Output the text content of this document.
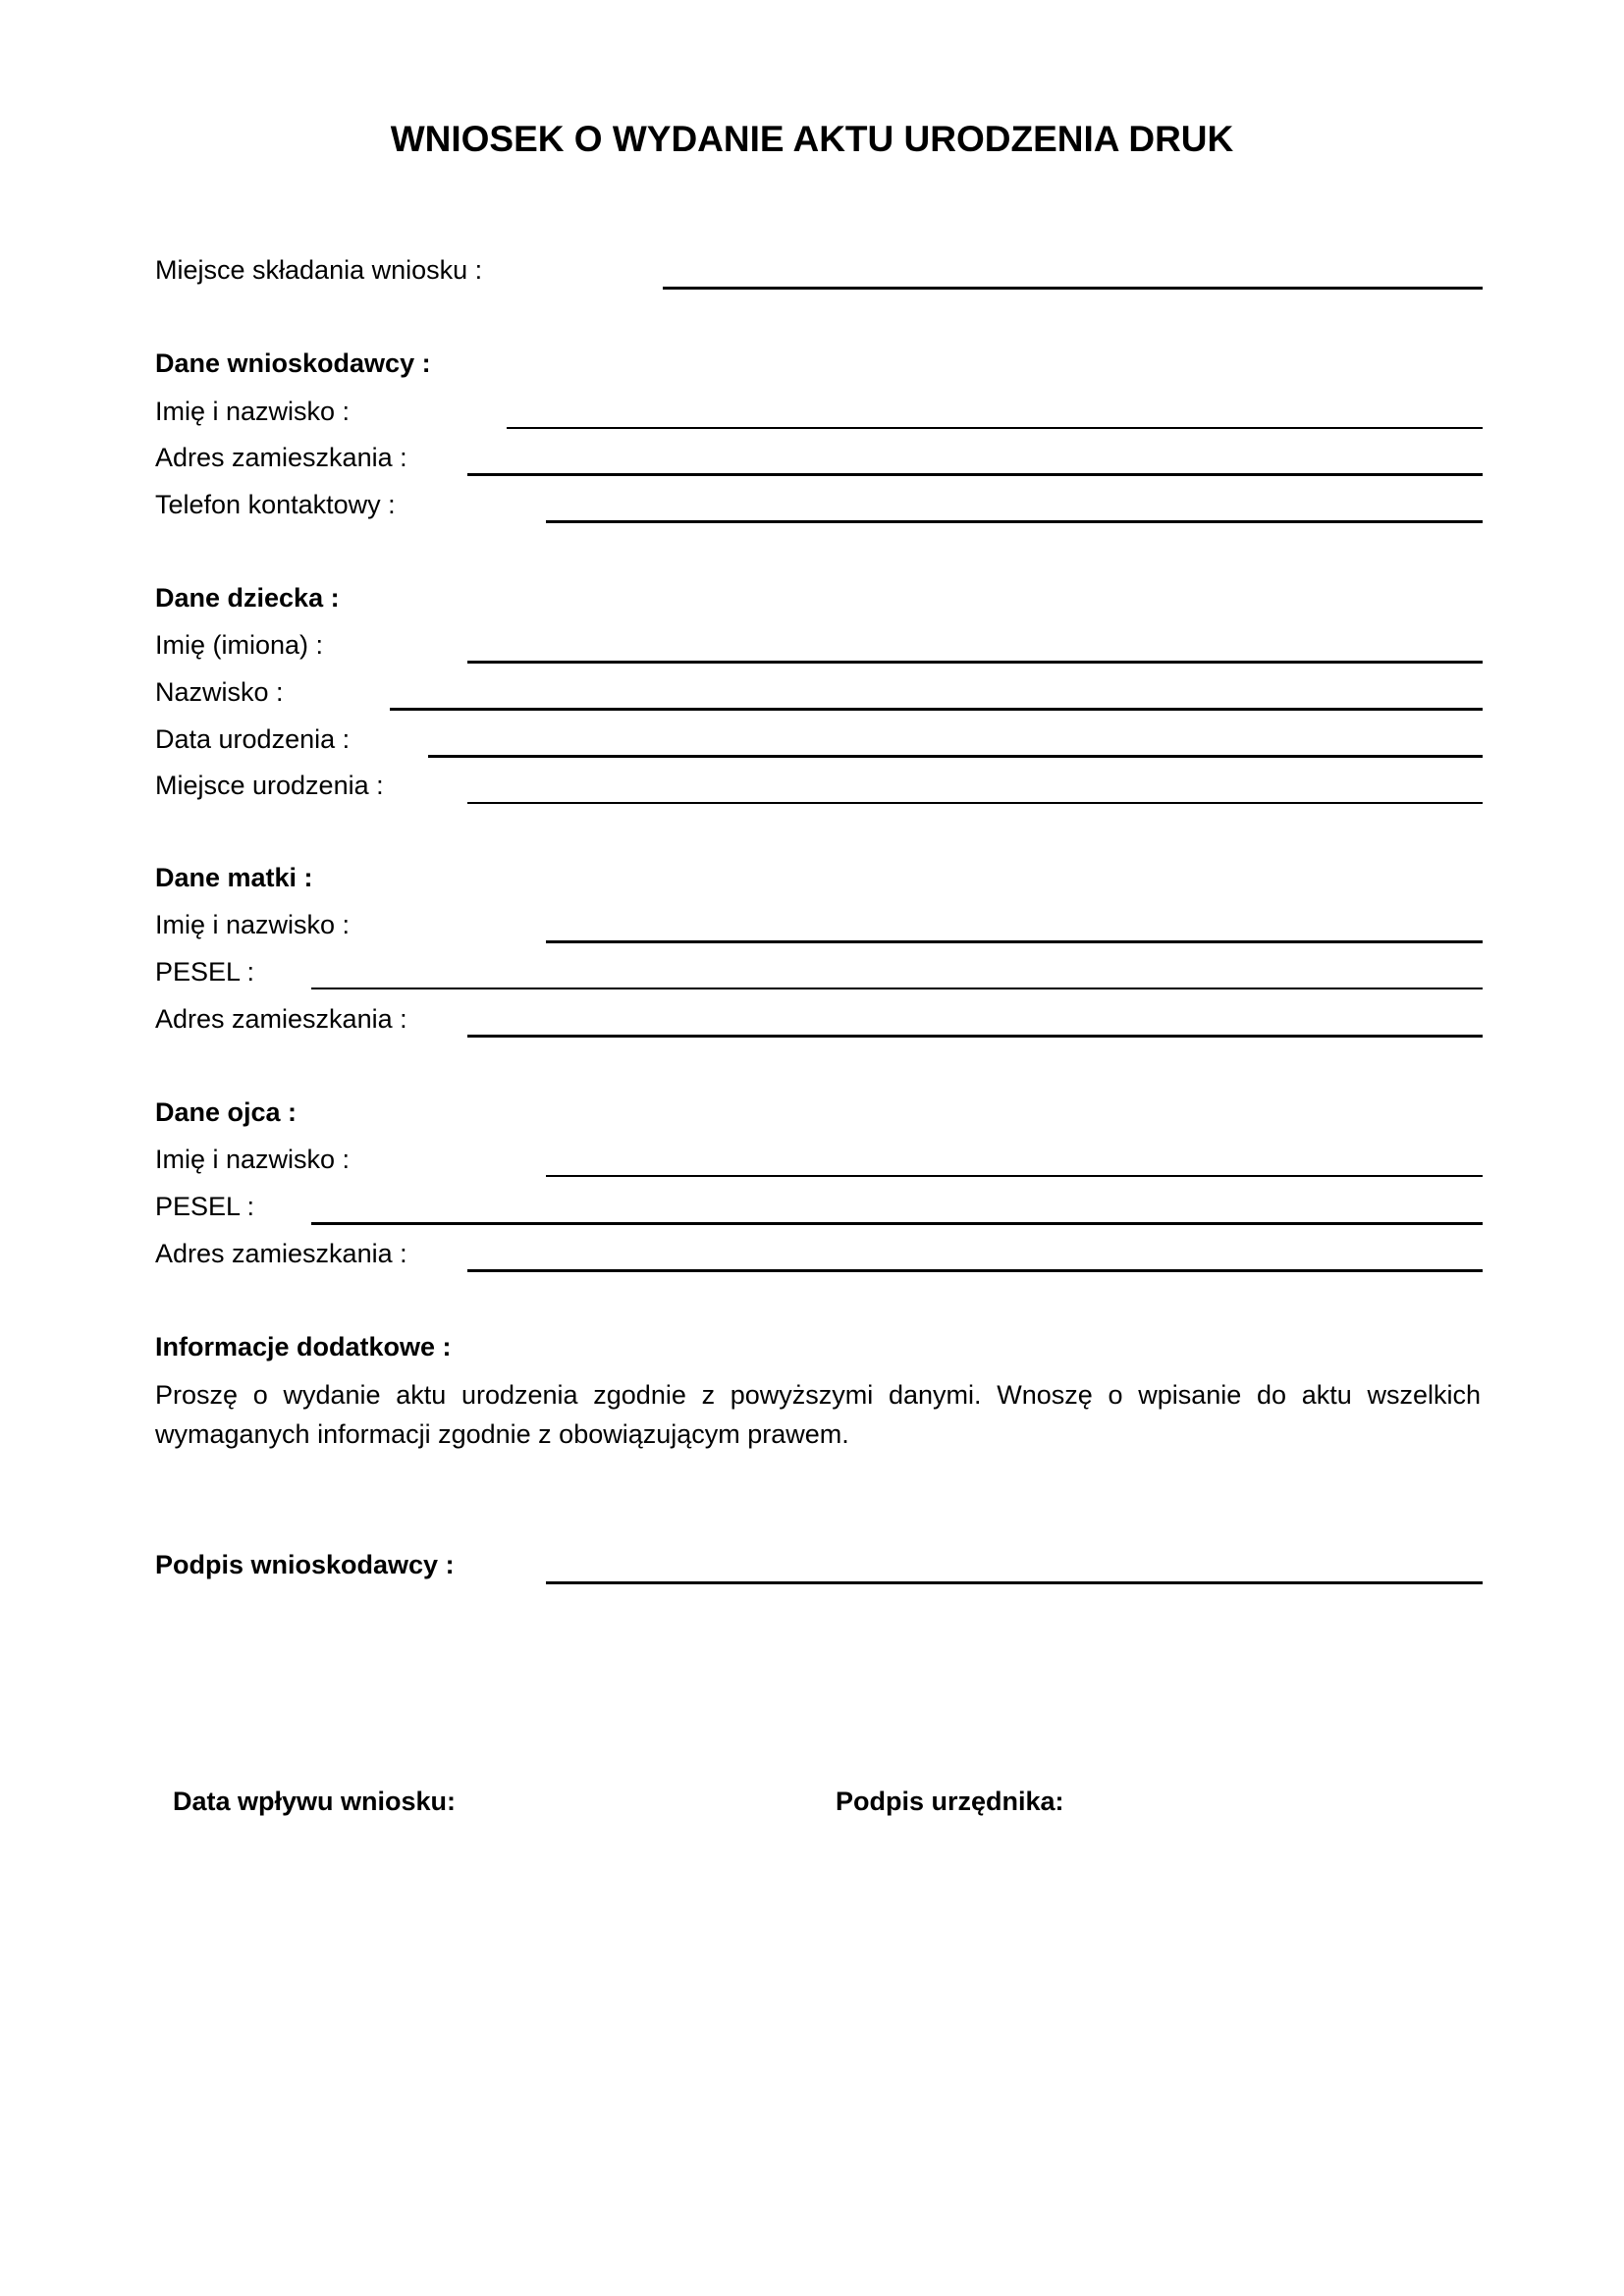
WNIOSEK O WYDANIE AKTU URODZENIA DRUK
Miejsce składania wniosku :
Dane wnioskodawcy :
Imię i nazwisko :
Adres zamieszkania :
Telefon kontaktowy :
Dane dziecka :
Imię (imiona) :
Nazwisko :
Data urodzenia :
Miejsce urodzenia :
Dane matki :
Imię i nazwisko :
PESEL :
Adres zamieszkania :
Dane ojca :
Imię i nazwisko :
PESEL :
Adres zamieszkania :
Informacje dodatkowe :
Proszę o wydanie aktu urodzenia zgodnie z powyższymi danymi. Wnoszę o wpisanie do aktu wszelkich
wymaganych informacji zgodnie z obowiązującym prawem.
Podpis wnioskodawcy :
Data wpływu wniosku:	Podpis urzędnika:
